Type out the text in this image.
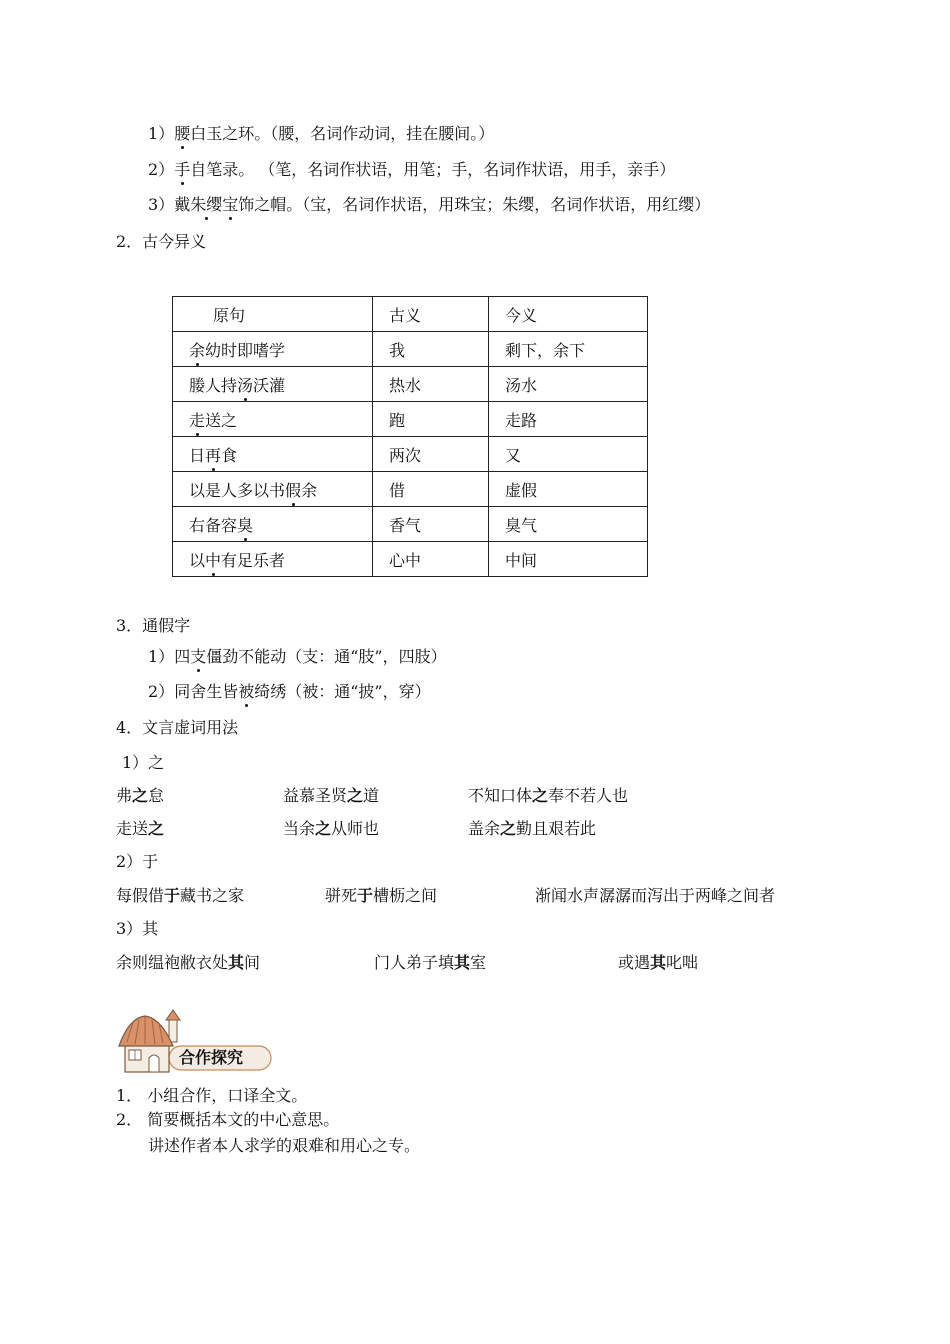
1）腰白玉之环。（腰，名词作动词，挂在腰间。）
2）手自笔录。 （笔，名词作状语，用笔；手，名词作状语，用手，亲手）
3）戴朱缨宝饰之帽。（宝，名词作状语，用珠宝；朱缨，名词作状语，用红缨）
2．古今异义
原句	古义	今义
余幼时即嗜学	我	剩下，余下
媵人持汤沃灌	热水	汤水
走送之	跑	走路
日再食	两次	又
以是人多以书假余	借	虚假
右备容臭	香气	臭气
以中有足乐者	心中	中间
3．通假字
1）四支僵劲不能动（支：通“肢”，四肢）
2）同舍生皆被绮绣（被：通“披”，穿）
4．文言虚词用法
1）之
弗之怠	益慕圣贤之道	不知口体之奉不若人也
走送之	当余之从师也	盖余之勤且艰若此
2）于
每假借于藏书之家	骈死于槽枥之间	渐闻水声潺潺而泻出于两峰之间者
3）其
余则缊袍敝衣处其间	门人弟子填其室	或遇其叱咄
合作探究
1． 小组合作，口译全文。
2． 简要概括本文的中心意思。
讲述作者本人求学的艰难和用心之专。
